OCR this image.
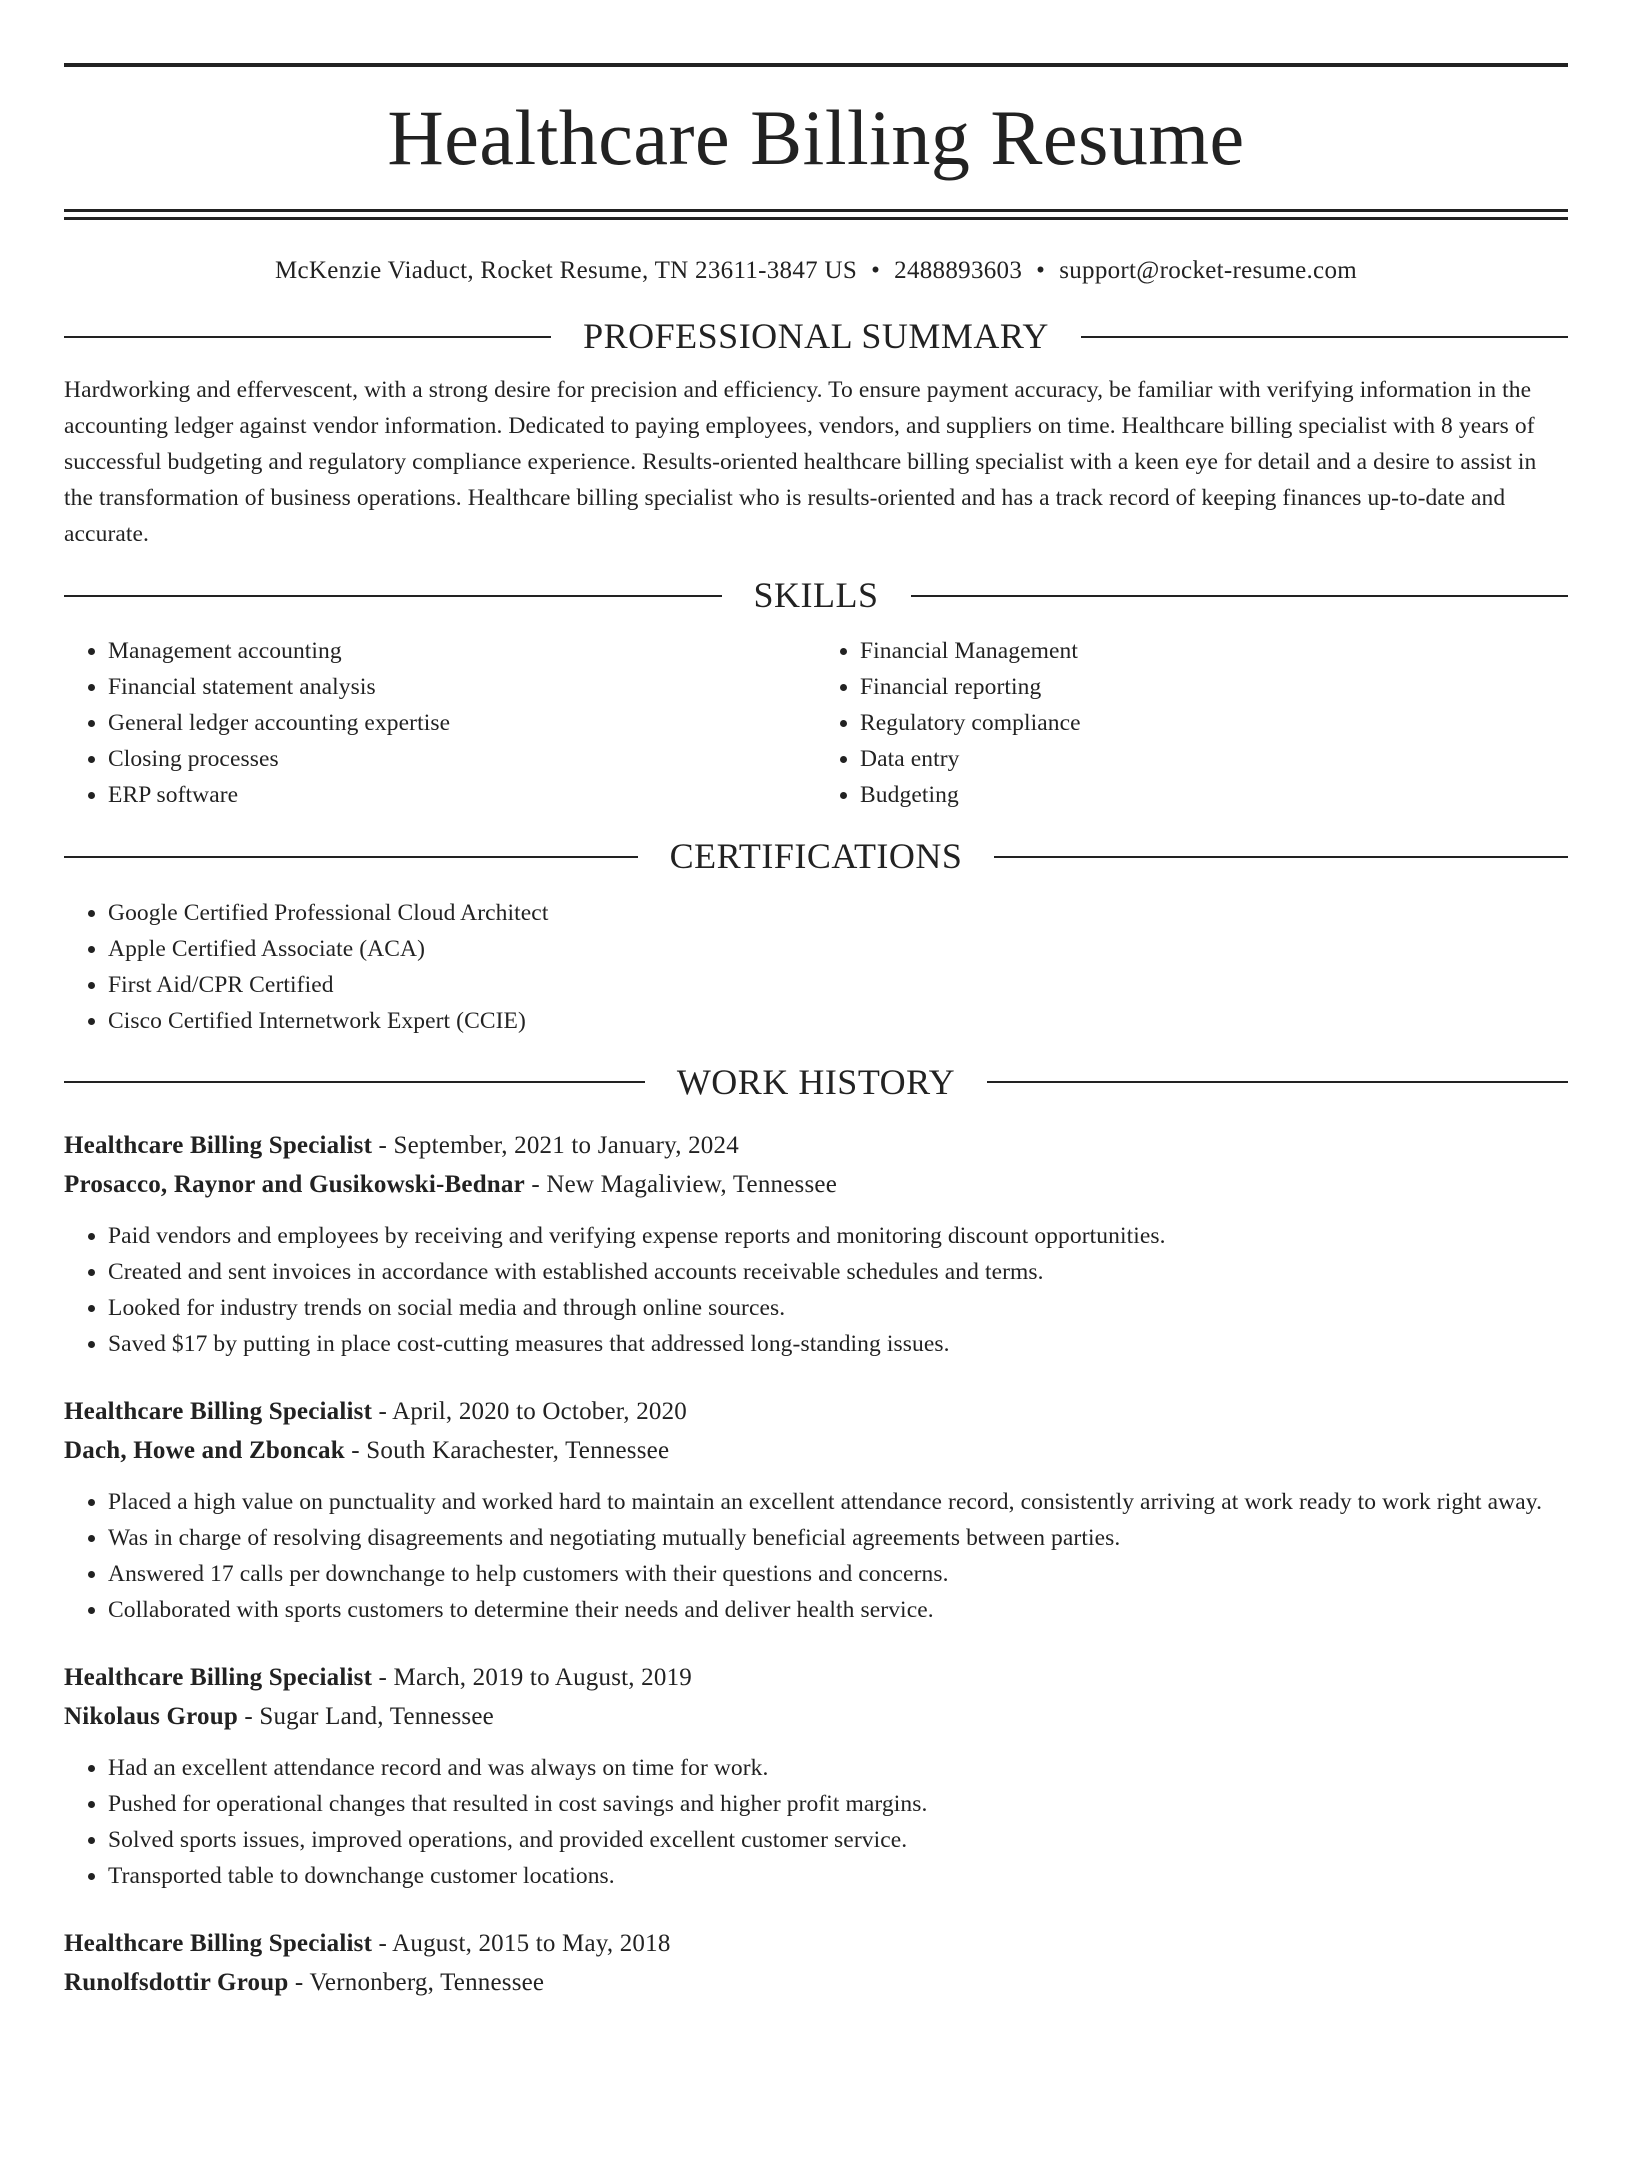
Healthcare Billing Resume
McKenzie Viaduct, Rocket Resume, TN 23611-3847 US • 2488893603 • support@rocket-resume.com
PROFESSIONAL SUMMARY
Hardworking and effervescent, with a strong desire for precision and efficiency. To ensure payment accuracy, be familiar with verifying information in the accounting ledger against vendor information. Dedicated to paying employees, vendors, and suppliers on time. Healthcare billing specialist with 8 years of successful budgeting and regulatory compliance experience. Results-oriented healthcare billing specialist with a keen eye for detail and a desire to assist in the transformation of business operations. Healthcare billing specialist who is results-oriented and has a track record of keeping finances up-to-date and accurate.
SKILLS
• Management accounting
• Financial statement analysis
• General ledger accounting expertise
• Closing processes
• ERP software
• Financial Management
• Financial reporting
• Regulatory compliance
• Data entry
• Budgeting
CERTIFICATIONS
• Google Certified Professional Cloud Architect
• Apple Certified Associate (ACA)
• First Aid/CPR Certified
• Cisco Certified Internetwork Expert (CCIE)
WORK HISTORY
Healthcare Billing Specialist - September, 2021 to January, 2024
Prosacco, Raynor and Gusikowski-Bednar - New Magaliview, Tennessee
• Paid vendors and employees by receiving and verifying expense reports and monitoring discount opportunities.
• Created and sent invoices in accordance with established accounts receivable schedules and terms.
• Looked for industry trends on social media and through online sources.
• Saved $17 by putting in place cost-cutting measures that addressed long-standing issues.
Healthcare Billing Specialist - April, 2020 to October, 2020
Dach, Howe and Zboncak - South Karachester, Tennessee
• Placed a high value on punctuality and worked hard to maintain an excellent attendance record, consistently arriving at work ready to work right away.
• Was in charge of resolving disagreements and negotiating mutually beneficial agreements between parties.
• Answered 17 calls per downchange to help customers with their questions and concerns.
• Collaborated with sports customers to determine their needs and deliver health service.
Healthcare Billing Specialist - March, 2019 to August, 2019
Nikolaus Group - Sugar Land, Tennessee
• Had an excellent attendance record and was always on time for work.
• Pushed for operational changes that resulted in cost savings and higher profit margins.
• Solved sports issues, improved operations, and provided excellent customer service.
• Transported table to downchange customer locations.
Healthcare Billing Specialist - August, 2015 to May, 2018
Runolfsdottir Group - Vernonberg, Tennessee
